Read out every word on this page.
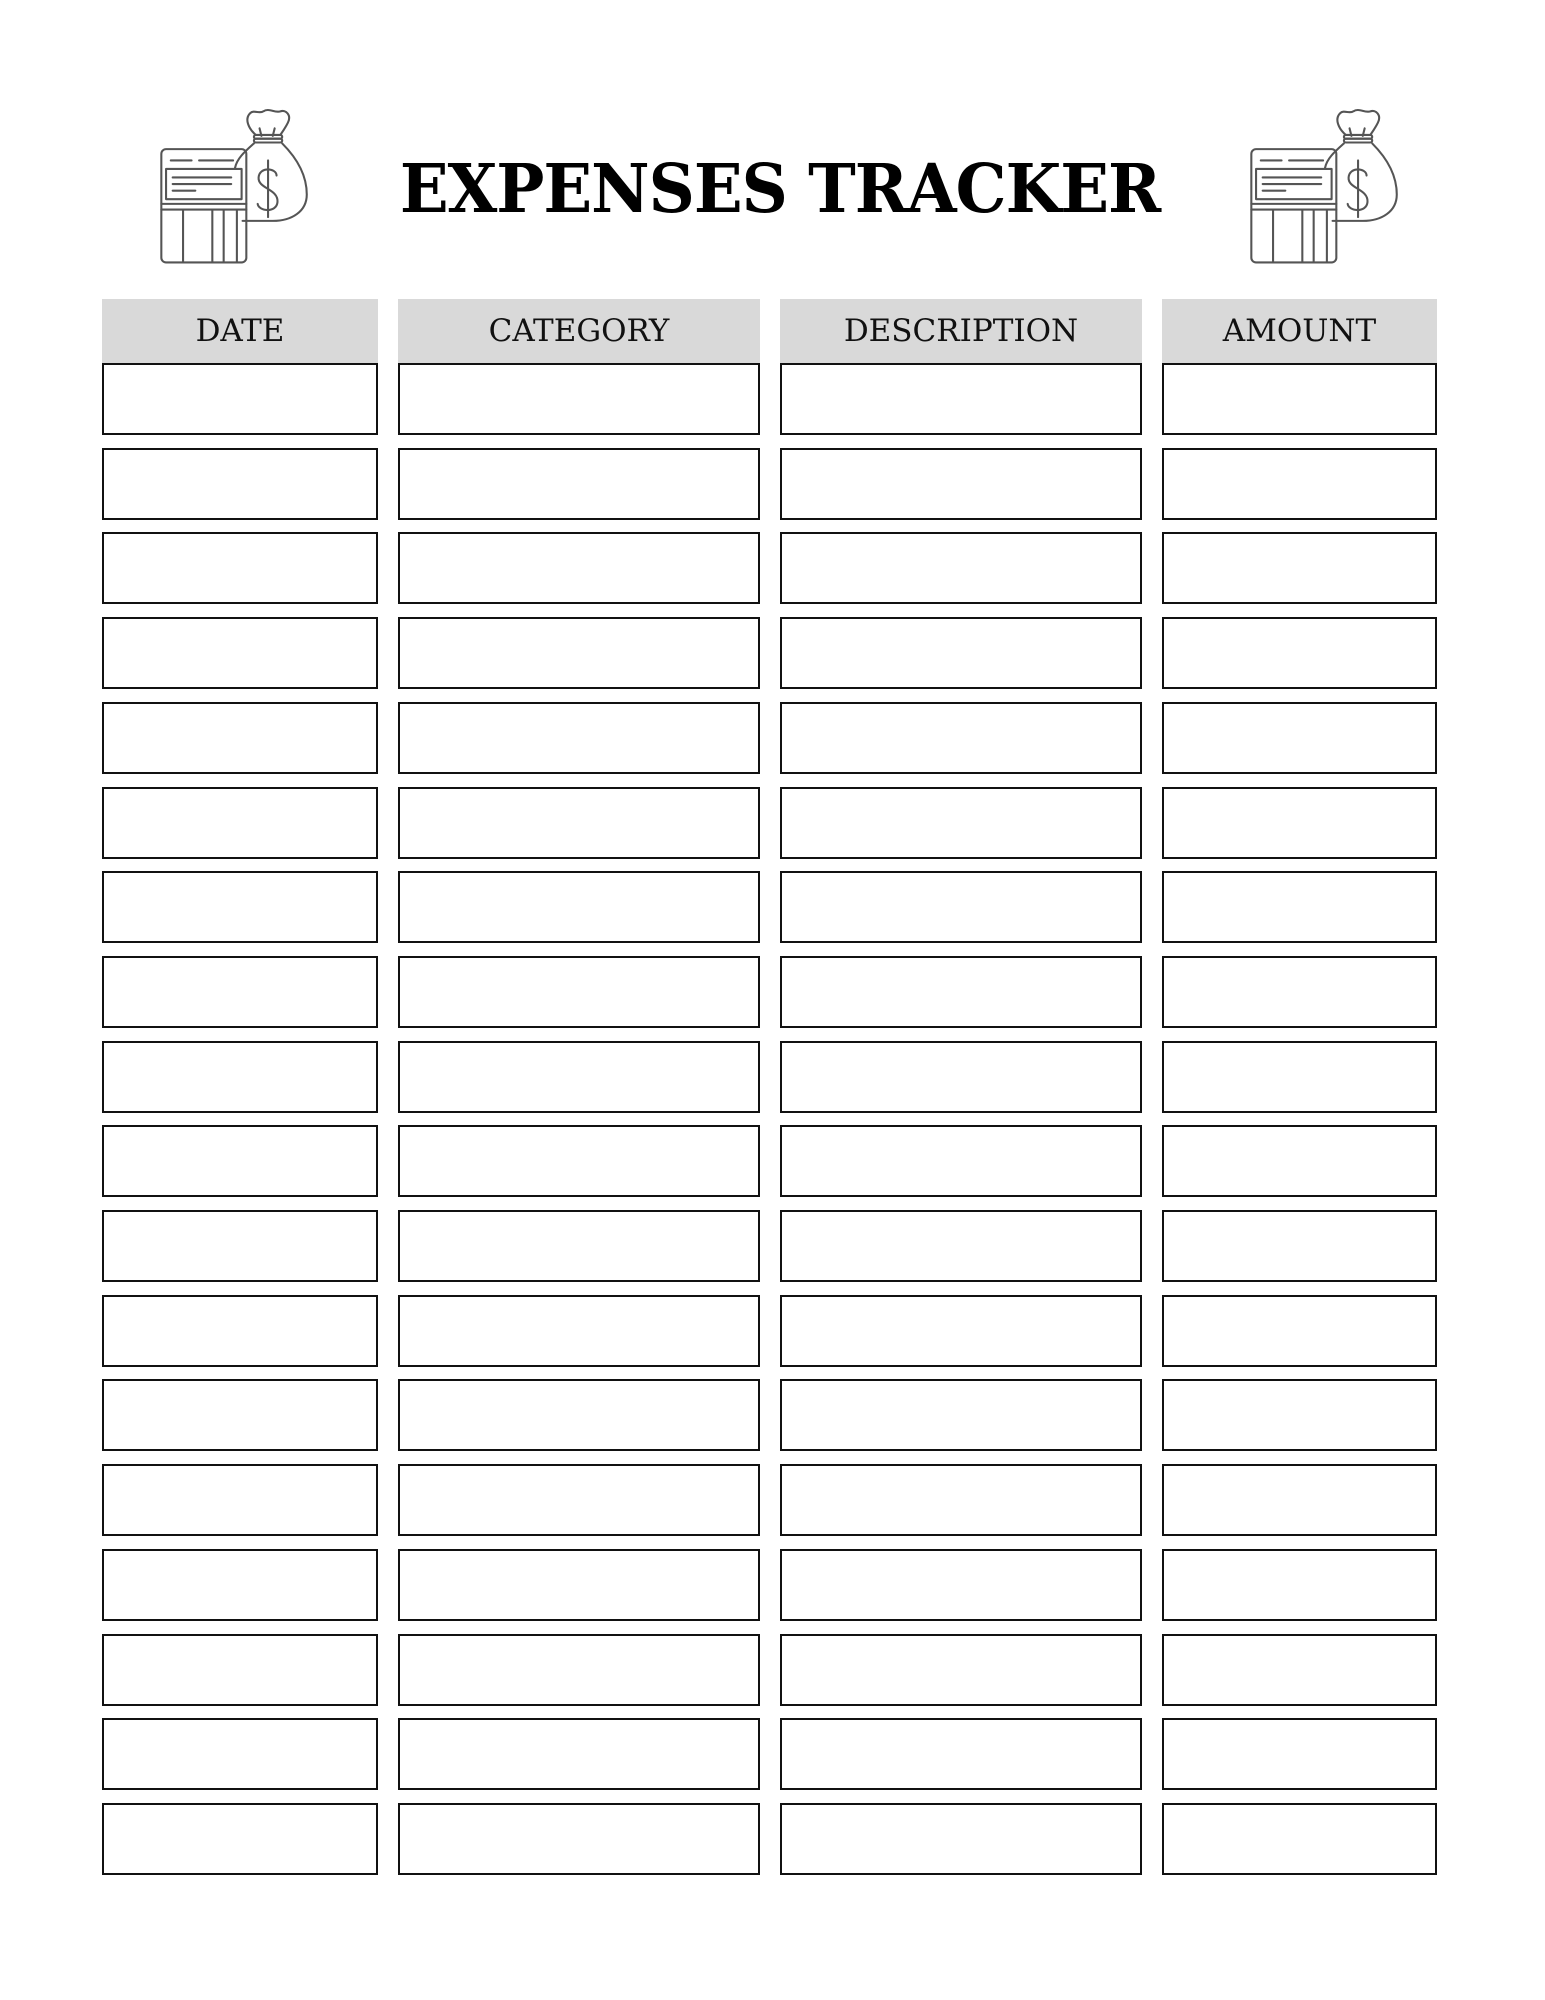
EXPENSES TRACKER
DATE	CATEGORY	DESCRIPTION	AMOUNT
